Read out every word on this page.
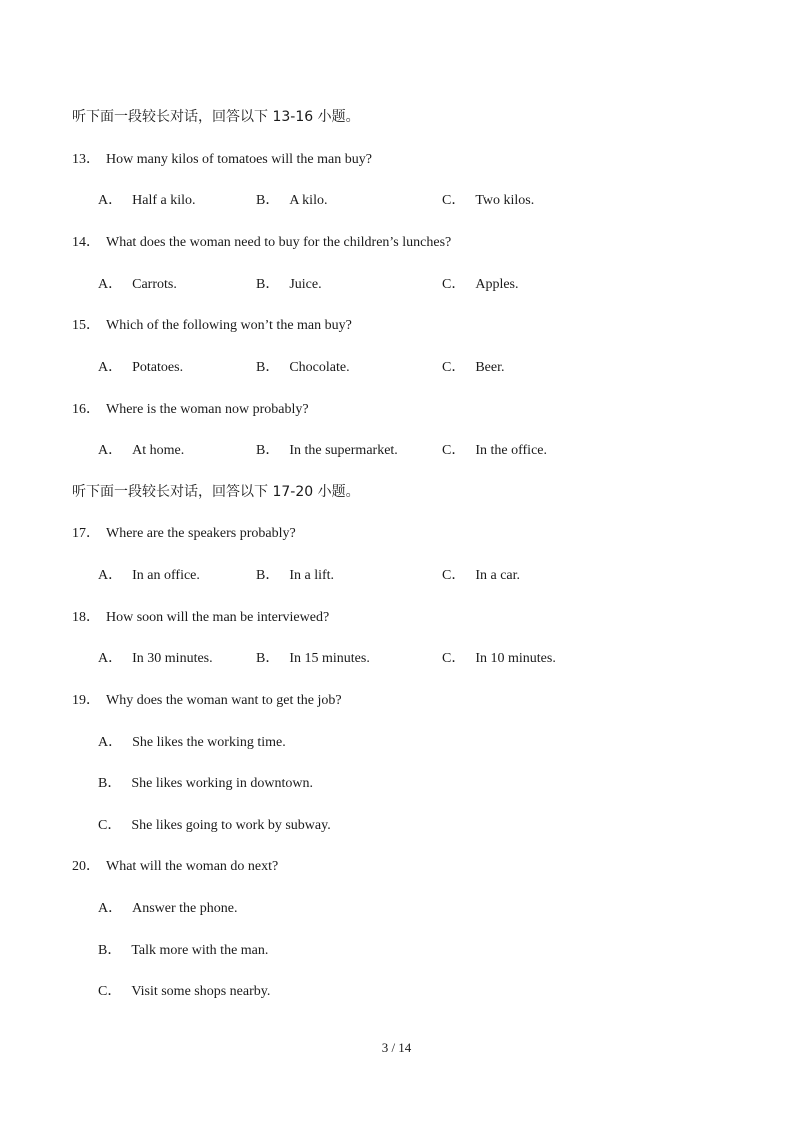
听下面一段较长对话，回答以下 13-16 小题。
13． How many kilos of tomatoes will the man buy?
A． Half a kilo.	B． A kilo.	C． Two kilos.
14． What does the woman need to buy for the children’s lunches?
A． Carrots.	B． Juice.	C． Apples.
15． Which of the following won’t the man buy?
A． Potatoes.	B． Chocolate.	C． Beer.
16． Where is the woman now probably?
A． At home.	B． In the supermarket.	C． In the office.
听下面一段较长对话，回答以下 17-20 小题。
17． Where are the speakers probably?
A． In an office.	B． In a lift.	C． In a car.
18． How soon will the man be interviewed?
A． In 30 minutes.	B． In 15 minutes.	C． In 10 minutes.
19． Why does the woman want to get the job?
A． She likes the working time.
B． She likes working in downtown.
C． She likes going to work by subway.
20． What will the woman do next?
A． Answer the phone.
B． Talk more with the man.
C． Visit some shops nearby.
3 / 14
